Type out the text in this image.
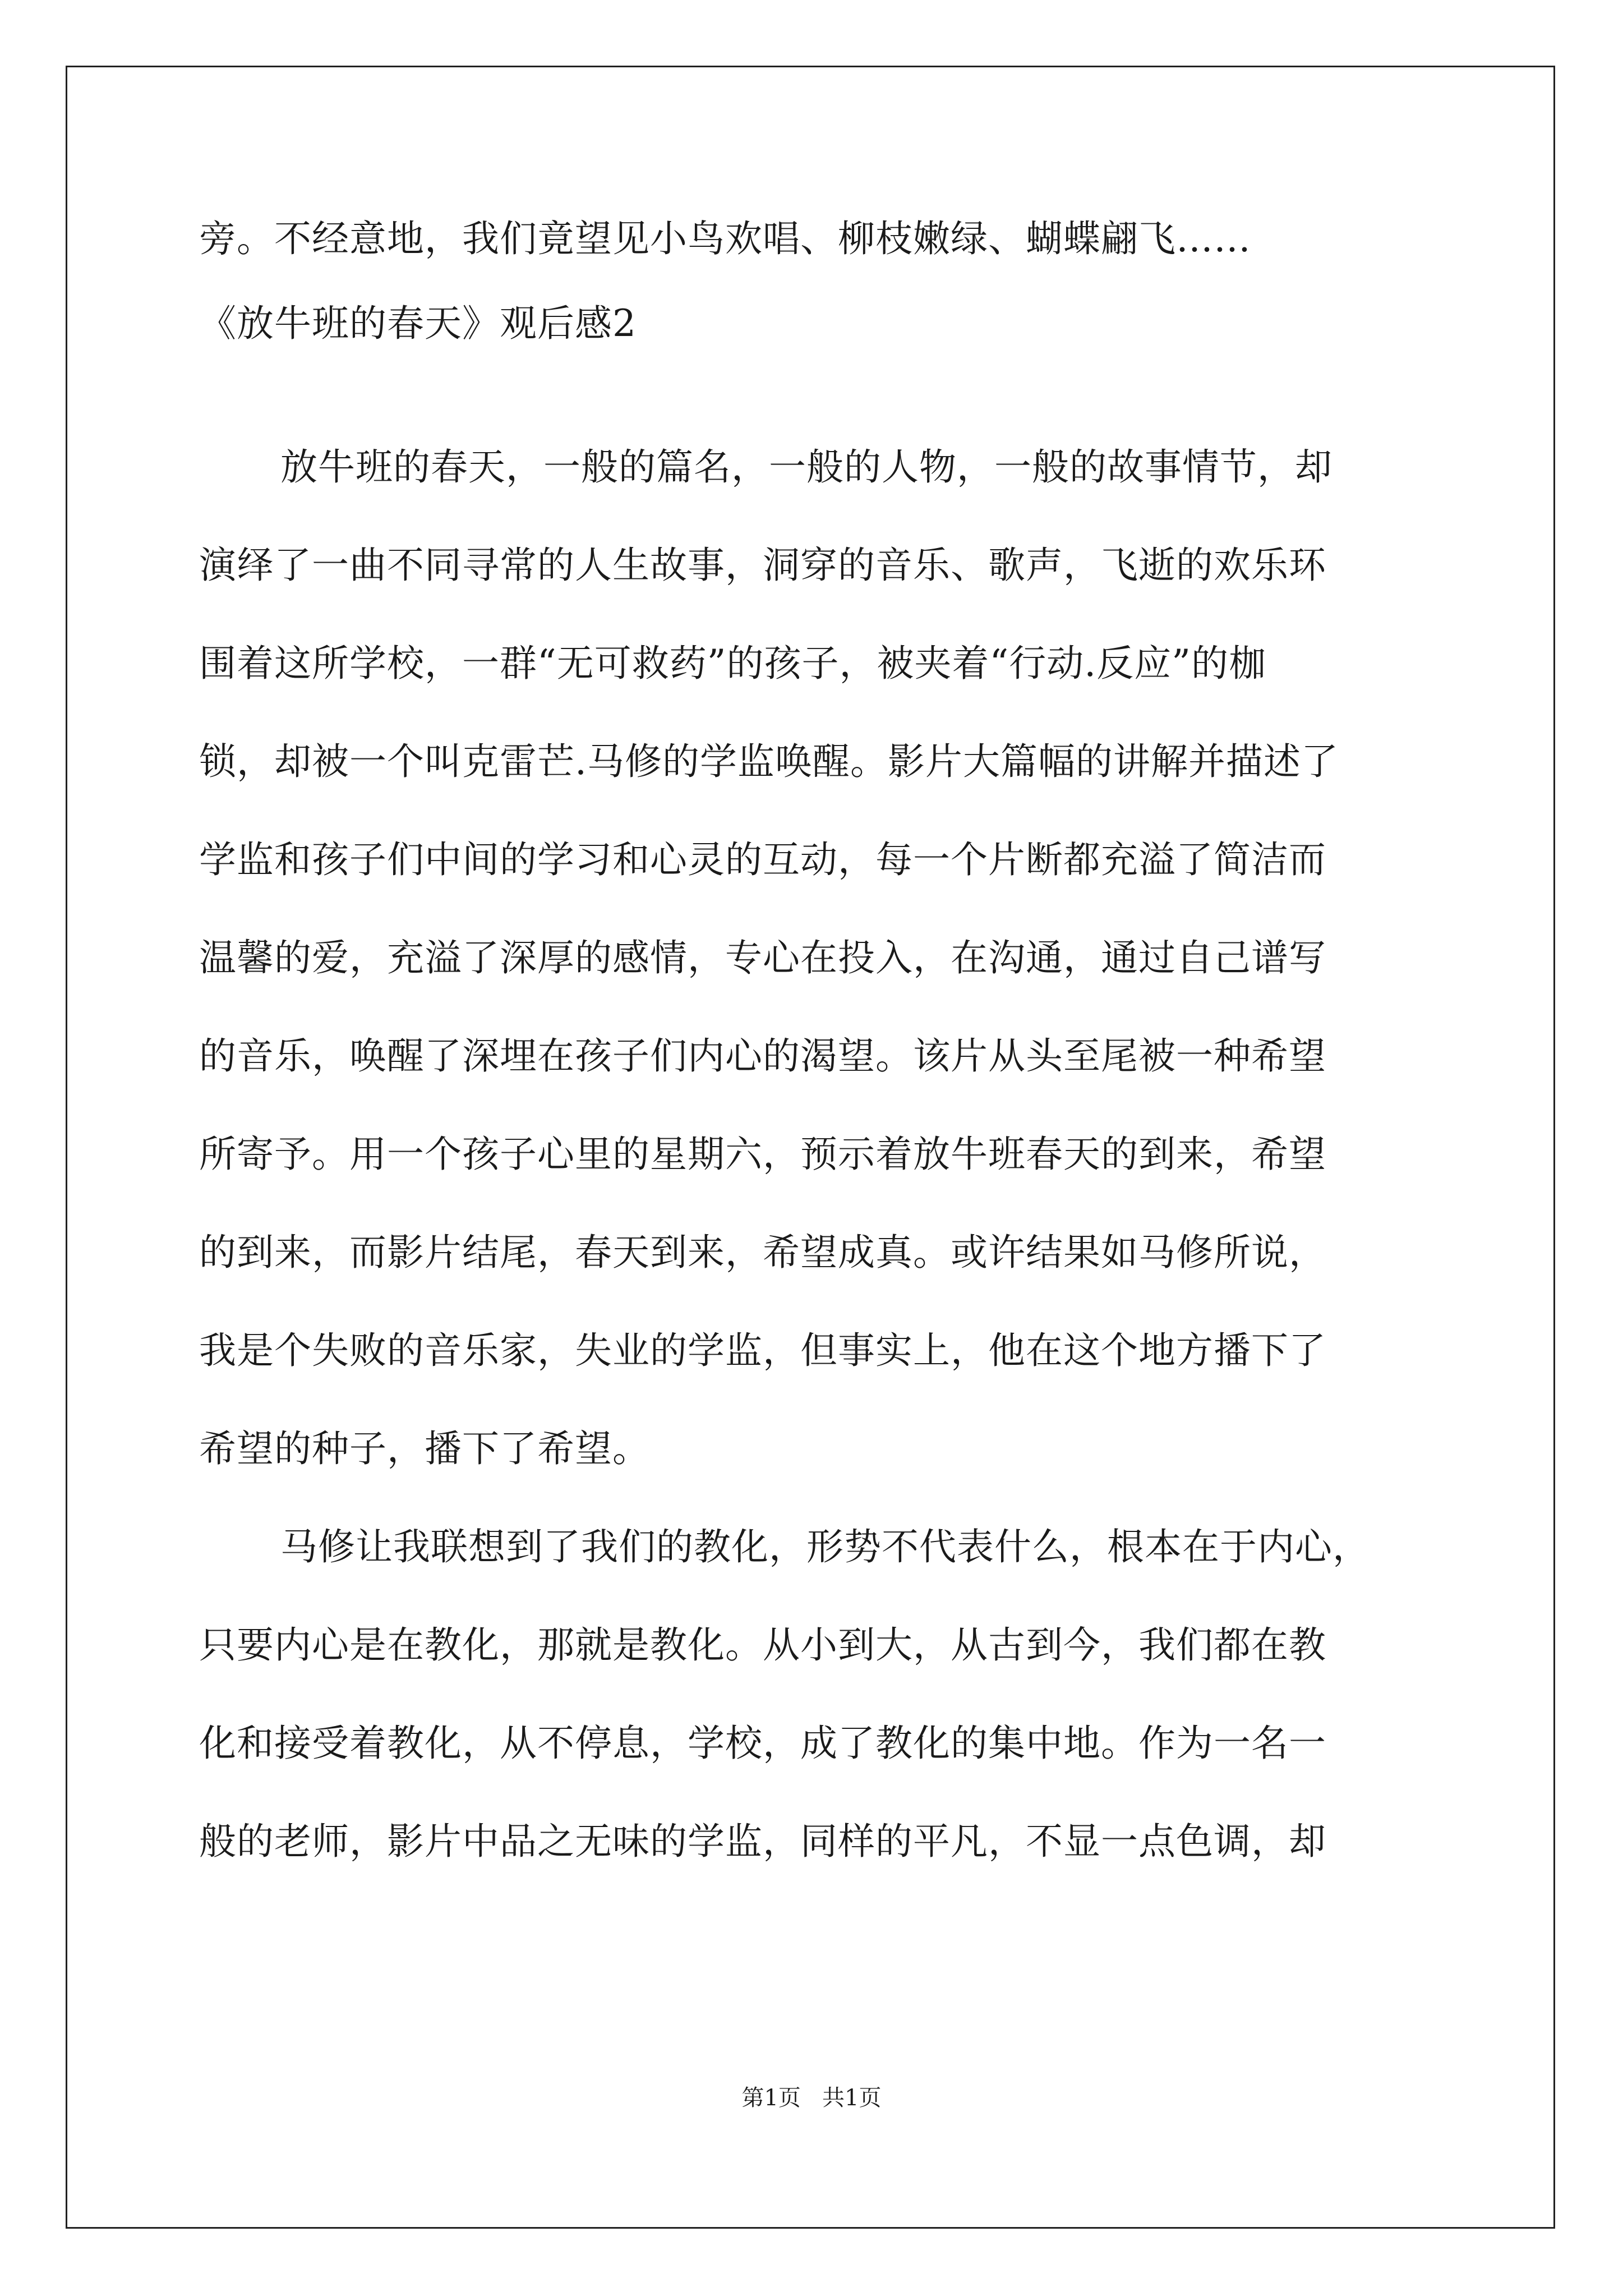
旁。不经意地，我们竟望见小鸟欢唱、柳枝嫩绿、蝴蝶翩飞……
《放牛班的春天》观后感2
放牛班的春天，一般的篇名，一般的人物，一般的故事情节，却
演绎了一曲不同寻常的人生故事，洞穿的音乐、歌声，飞逝的欢乐环
围着这所学校，一群“无可救药”的孩子，被夹着“行动.反应”的枷
锁，却被一个叫克雷芒.马修的学监唤醒。影片大篇幅的讲解并描述了
学监和孩子们中间的学习和心灵的互动，每一个片断都充溢了简洁而
温馨的爱，充溢了深厚的感情，专心在投入，在沟通，通过自己谱写
的音乐，唤醒了深埋在孩子们内心的渴望。该片从头至尾被一种希望
所寄予。用一个孩子心里的星期六，预示着放牛班春天的到来，希望
的到来，而影片结尾，春天到来，希望成真。或许结果如马修所说，
我是个失败的音乐家，失业的学监，但事实上，他在这个地方播下了
希望的种子，播下了希望。
马修让我联想到了我们的教化，形势不代表什么，根本在于内心，
只要内心是在教化，那就是教化。从小到大，从古到今，我们都在教
化和接受着教化，从不停息，学校，成了教化的集中地。作为一名一
般的老师，影片中品之无味的学监，同样的平凡，不显一点色调，却
第1页   共1页
